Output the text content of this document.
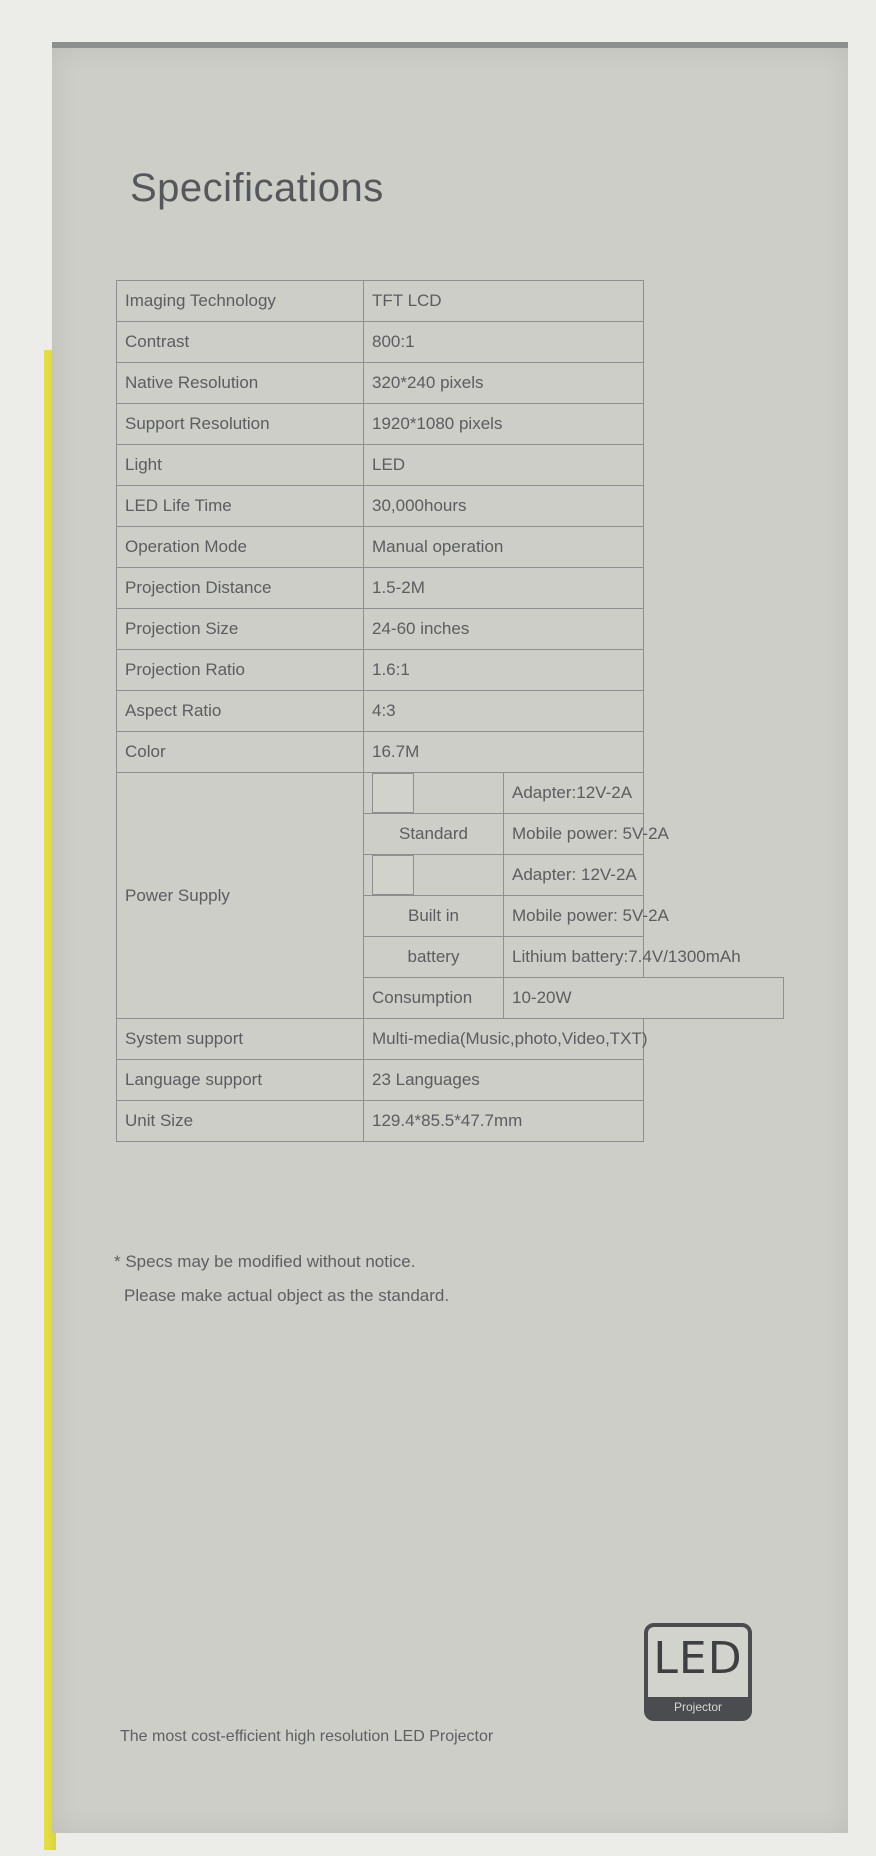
Specifications
Imaging Technology	TFT LCD	
Contrast	800:1	
Native Resolution	320*240 pixels	
Support Resolution	1920*1080 pixels	
Light	LED	
LED Life Time	30,000hours	
Operation Mode	Manual operation	
Projection Distance	1.5-2M	
Projection Size	24-60 inches	
Projection Ratio	1.6:1	
Aspect Ratio	4:3	
Color	16.7M	
Power Supply		Adapter:12V-2A
	Standard	Mobile power: 5V-2A
		Adapter: 12V-2A
	Built in	Mobile power: 5V-2A
	battery	Lithium battery:7.4V/1300mAh
	Consumption	10-20W
System support	Multi-media(Music,photo,Video,TXT)	
Language support	23 Languages	
Unit Size	129.4*85.5*47.7mm	

* Specs may be modified without notice.

Please make actual object as the standard.

The most cost-efficient high resolution LED Projector

LED
Projector
